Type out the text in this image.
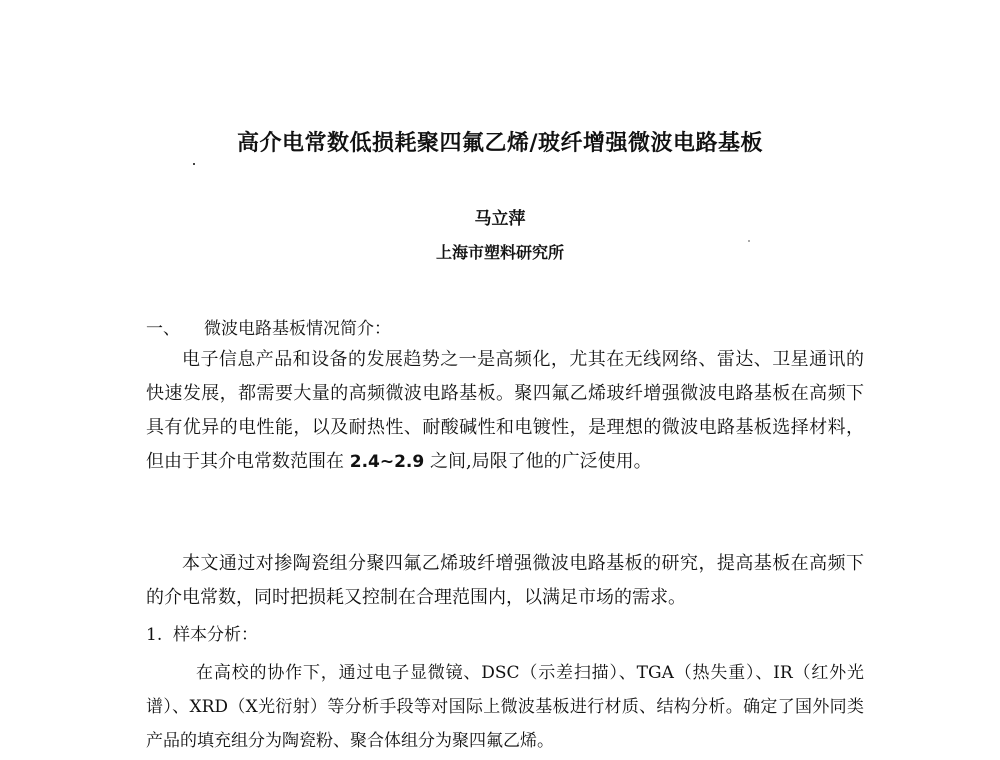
高介电常数低损耗聚四氟乙烯/玻纤增强微波电路基板

马立萍

上海市塑料研究所

一、 微波电路基板情况简介：

电子信息产品和设备的发展趋势之一是高频化，尤其在无线网络、雷达、卫星通讯的快速发展，都需要大量的高频微波电路基板。聚四氟乙烯玻纤增强微波电路基板在高频下具有优异的电性能，以及耐热性、耐酸碱性和电镀性，是理想的微波电路基板选择材料，但由于其介电常数范围在 2.4~2.9 之间,局限了他的广泛使用。

本文通过对掺陶瓷组分聚四氟乙烯玻纤增强微波电路基板的研究，提高基板在高频下的介电常数，同时把损耗又控制在合理范围内，以满足市场的需求。

1. 样本分析：

在高校的协作下，通过电子显微镜、DSC（示差扫描）、TGA（热失重）、IR（红外光谱）、XRD（X光衍射）等分析手段等对国际上微波基板进行材质、结构分析。确定了国外同类产品的填充组分为陶瓷粉、聚合体组分为聚四氟乙烯。
